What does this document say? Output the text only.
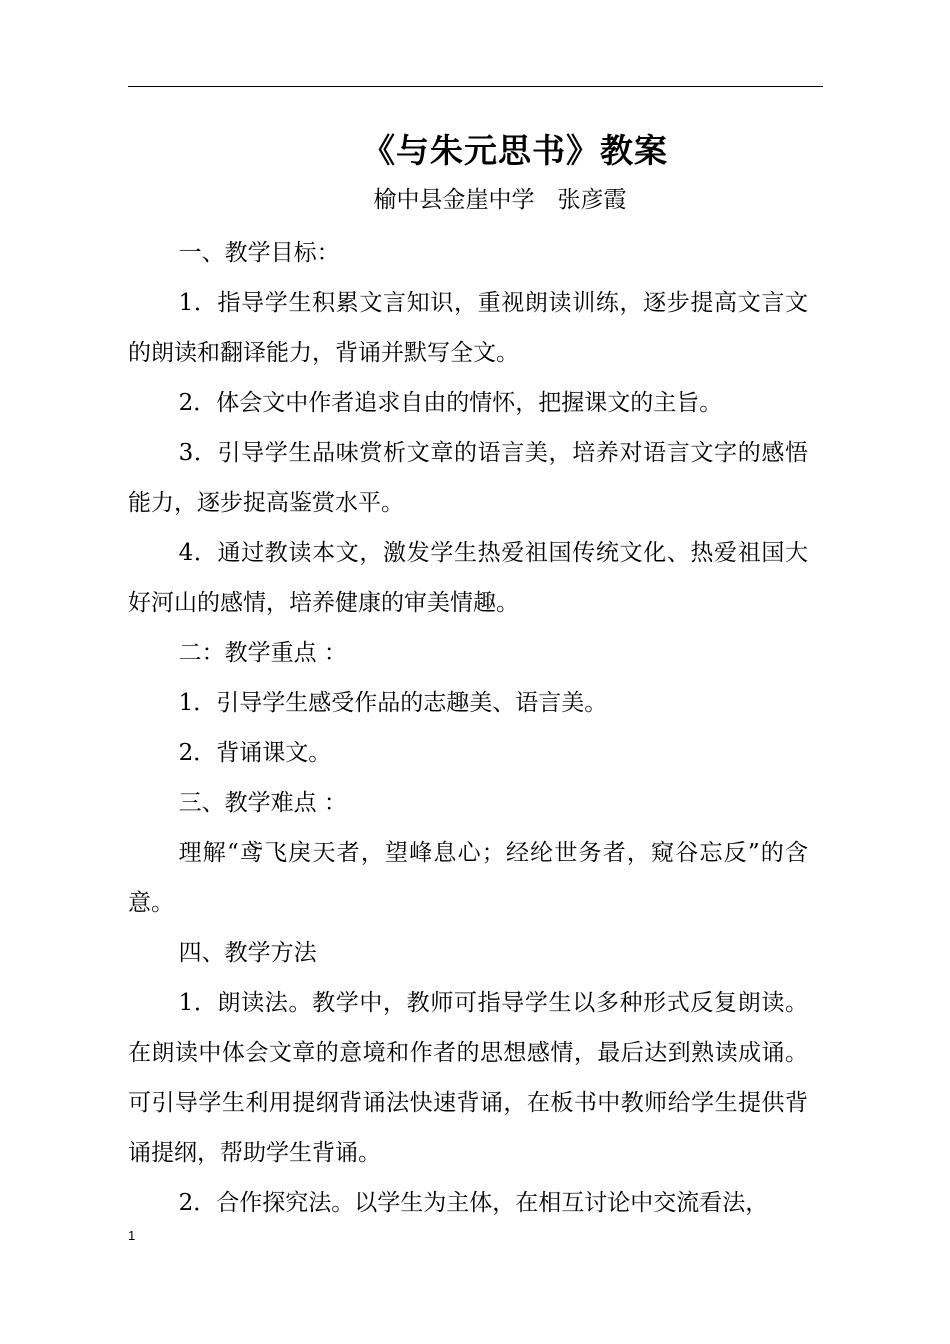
《与朱元思书》教案
榆中县金崖中学　张彦霞

一、教学目标：

1．指导学生积累文言知识，重视朗读训练，逐步提高文言文的朗读和翻译能力，背诵并默写全文。

2．体会文中作者追求自由的情怀，把握课文的主旨。

3．引导学生品味赏析文章的语言美，培养对语言文字的感悟能力，逐步捉高鉴赏水平。

4．通过教读本文，激发学生热爱祖国传统文化、热爱祖国大好河山的感情，培养健康的审美情趣。

二：教学重点 ：

1．引导学生感受作品的志趣美、语言美。

2．背诵课文。

三、教学难点 ：

理解“鸢飞戾天者，望峰息心；经纶世务者，窥谷忘反”的含意。

四、教学方法

1．朗读法。教学中，教师可指导学生以多种形式反复朗读。在朗读中体会文章的意境和作者的思想感情，最后达到熟读成诵。可引导学生利用提纲背诵法快速背诵，在板书中教师给学生提供背诵提纲，帮助学生背诵。

2．合作探究法。以学生为主体，在相互讨论中交流看法，

1
